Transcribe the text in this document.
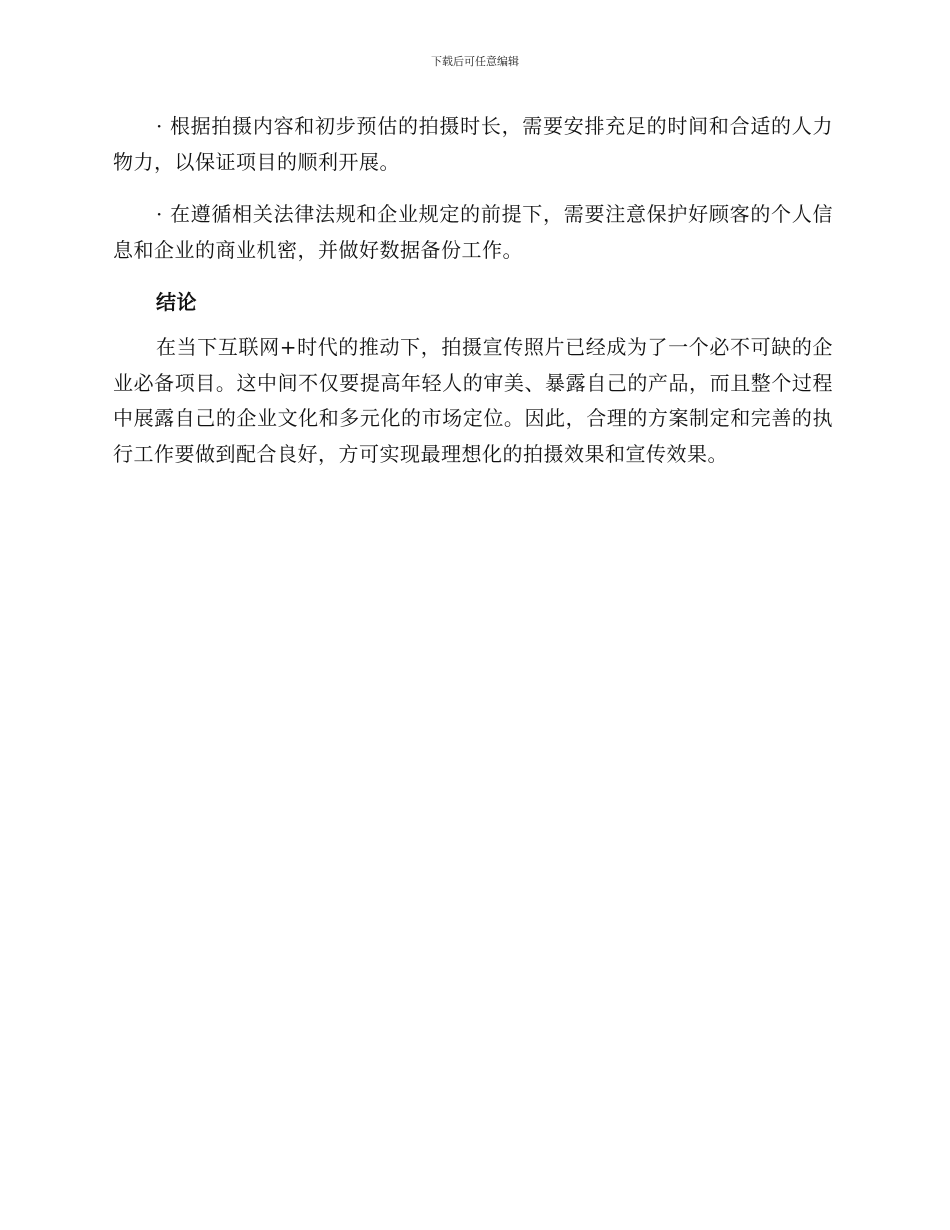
下载后可任意编辑

· 根据拍摄内容和初步预估的拍摄时长，需要安排充足的时间和合适的人力物力，以保证项目的顺利开展。

· 在遵循相关法律法规和企业规定的前提下，需要注意保护好顾客的个人信息和企业的商业机密，并做好数据备份工作。

结论

在当下互联网+时代的推动下，拍摄宣传照片已经成为了一个必不可缺的企业必备项目。这中间不仅要提高年轻人的审美、暴露自己的产品，而且整个过程中展露自己的企业文化和多元化的市场定位。因此，合理的方案制定和完善的执行工作要做到配合良好，方可实现最理想化的拍摄效果和宣传效果。
